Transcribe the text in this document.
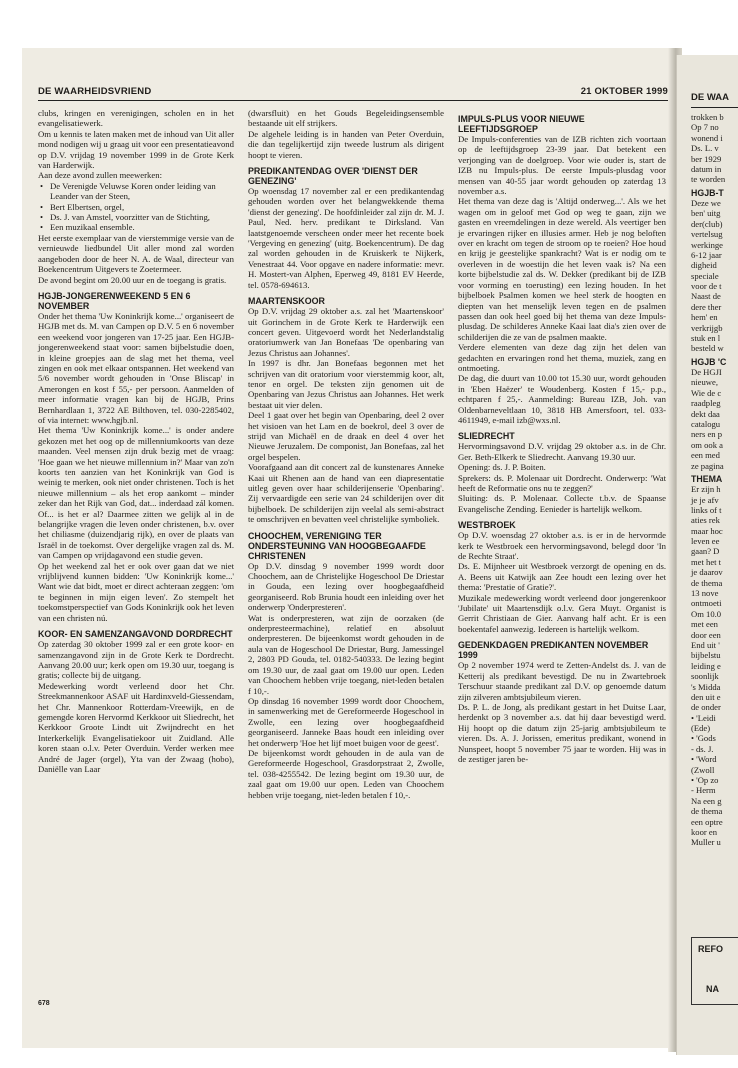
DE WAARHEIDSVRIEND	21 OKTOBER 1999

clubs, kringen en verenigingen, scholen en in het evangelisatiewerk.

Om u kennis te laten maken met de inhoud van Uit aller mond nodigen wij u graag uit voor een presentatieavond op D.V. vrijdag 19 november 1999 in de Grote Kerk van Harderwijk.

Aan deze avond zullen meewerken:

• De Verenigde Veluwse Koren onder leiding van Leander van der Steen,
• Bert Elbertsen, orgel,
• Ds. J. van Amstel, voorzitter van de Stichting,
• Een muzikaal ensemble.

Het eerste exemplaar van de vierstemmige versie van de vernieuwde liedbundel Uit aller mond zal worden aangeboden door de heer N. A. de Waal, directeur van Boekencentrum Uitgevers te Zoetermeer.

De avond begint om 20.00 uur en de toegang is gratis.

HGJB-JONGERENWEEKEND 5 EN 6 NOVEMBER

Onder het thema 'Uw Koninkrijk kome...' organiseert de HGJB met ds. M. van Campen op D.V. 5 en 6 november een weekend voor jongeren van 17-25 jaar. Een HGJB-jongerenweekend staat voor: samen bijbelstudie doen, in kleine groepjes aan de slag met het thema, veel zingen en ook met elkaar ontspannen. Het weekend van 5/6 november wordt gehouden in 'Onse Bliscap' in Amerongen en kost f 55,- per persoon. Aanmelden of meer informatie vragen kan bij de HGJB, Prins Bernhardlaan 1, 3722 AE Bilthoven, tel. 030-2285402, of via internet: www.hgjb.nl.

Het thema 'Uw Koninkrijk kome...' is onder andere gekozen met het oog op de millenniumkoorts van deze maanden. Veel mensen zijn druk bezig met de vraag: 'Hoe gaan we het nieuwe millennium in?' Maar van zo'n koorts ten aanzien van het Koninkrijk van God is weinig te merken, ook niet onder christenen. Toch is het nieuwe millennium – als het erop aankomt – minder zeker dan het Rijk van God, dat... inderdaad zál komen. Of... is het er al? Daarmee zitten we gelijk al in de belangrijke vragen die leven onder christenen, b.v. over het chiliasme (duizendjarig rijk), en over de plaats van Israël in de toekomst. Over dergelijke vragen zal ds. M. van Campen op vrijdagavond een studie geven.

Op het weekend zal het er ook over gaan dat we niet vrijblijvend kunnen bidden: 'Uw Koninkrijk kome...' Want wie dat bidt, moet er direct achteraan zeggen: 'om te beginnen in mijn eigen leven'. Zo stempelt het toekomstperspectief van Gods Koninkrijk ook het leven van een christen nú.

KOOR- EN SAMENZANGAVOND DORDRECHT

Op zaterdag 30 oktober 1999 zal er een grote koor- en samenzangavond zijn in de Grote Kerk te Dordrecht. Aanvang 20.00 uur; kerk open om 19.30 uur, toegang is gratis; collecte bij de uitgang.

Medewerking wordt verleend door het Chr. Streekmannenkoor ASAF uit Hardinxveld-Giessendam, het Chr. Mannenkoor Rotterdam-Vreewijk, en de gemengde koren Hervormd Kerkkoor uit Sliedrecht, het Kerkkoor Groote Lindt uit Zwijndrecht en het Interkerkelijk Evangelisatiekoor uit Zuidland. Alle koren staan o.l.v. Peter Overduin. Verder werken mee André de Jager (orgel), Yta van der Zwaag (hobo), Daniëlle van Laar

(dwarsfluit) en het Gouds Begeleidingsensemble bestaande uit elf strijkers.

De algehele leiding is in handen van Peter Overduin, die dan tegelijkertijd zijn tweede lustrum als dirigent hoopt te vieren.

PREDIKANTENDAG OVER 'DIENST DER GENEZING'

Op woensdag 17 november zal er een predikantendag gehouden worden over het belangwekkende thema 'dienst der genezing'. De hoofdinleider zal zijn dr. M. J. Paul, Ned. herv. predikant te Dirksland. Van laatstgenoemde verscheen onder meer het recente boek 'Vergeving en genezing' (uitg. Boekencentrum). De dag zal worden gehouden in de Kruiskerk te Nijkerk, Venestraat 44. Voor opgave en nadere informatie: mevr. H. Mostert-van Alphen, Eperweg 49, 8181 EV Heerde, tel. 0578-694613.

MAARTENSKOOR

Op D.V. vrijdag 29 oktober a.s. zal het 'Maartenskoor' uit Gorinchem in de Grote Kerk te Harderwijk een concert geven. Uitgevoerd wordt het Nederlandstalig oratoriumwerk van Jan Bonefaas 'De openbaring van Jezus Christus aan Johannes'.

In 1997 is dhr. Jan Bonefaas begonnen met het schrijven van dit oratorium voor vierstemmig koor, alt, tenor en orgel. De teksten zijn genomen uit de Openbaring van Jezus Christus aan Johannes. Het werk bestaat uit vier delen.

Deel 1 gaat over het begin van Openbaring, deel 2 over het visioen van het Lam en de boekrol, deel 3 over de strijd van Michaël en de draak en deel 4 over het Nieuwe Jeruzalem. De componist, Jan Bonefaas, zal het orgel bespelen.

Voorafgaand aan dit concert zal de kunstenares Anneke Kaai uit Rhenen aan de hand van een diapresentatie uitleg geven over haar schilderijenserie 'Openbaring'. Zij vervaardigde een serie van 24 schilderijen over dit bijbelboek. De schilderijen zijn veelal als semi-abstract te omschrijven en bevatten veel christelijke symboliek.

CHOOCHEM, VERENIGING TER ONDERSTEUNING VAN HOOGBEGAAFDE CHRISTENEN

Op D.V. dinsdag 9 november 1999 wordt door Choochem, aan de Christelijke Hogeschool De Driestar in Gouda, een lezing over hoogbegaafdheid georganiseerd. Rob Brunia houdt een inleiding over het onderwerp 'Onderpresteren'.

Wat is onderpresteren, wat zijn de oorzaken (de onderpresteermachine), relatief en absoluut onderpresteren. De bijeenkomst wordt gehouden in de aula van de Hogeschool De Driestar, Burg. Jamessingel 2, 2803 PD Gouda, tel. 0182-540333. De lezing begint om 19.30 uur, de zaal gaat om 19.00 uur open. Leden van Choochem hebben vrije toegang, niet-leden betalen f 10,-.

Op dinsdag 16 november 1999 wordt door Choochem, in samenwerking met de Gereformeerde Hogeschool in Zwolle, een lezing over hoogbegaafdheid georganiseerd. Janneke Baas houdt een inleiding over het onderwerp 'Hoe het lijf moet buigen voor de geest'.

De bijeenkomst wordt gehouden in de aula van de Gereformeerde Hogeschool, Grasdorpstraat 2, Zwolle, tel. 038-4255542. De lezing begint om 19.30 uur, de zaal gaat om 19.00 uur open. Leden van Choochem hebben vrije toegang, niet-leden betalen f 10,-.

IMPULS-PLUS VOOR NIEUWE LEEFTIJDSGROEP

De Impuls-conferenties van de IZB richten zich voortaan op de leeftijdsgroep 23-39 jaar. Dat betekent een verjonging van de doelgroep. Voor wie ouder is, start de IZB nu Impuls-plus. De eerste Impuls-plusdag voor mensen van 40-55 jaar wordt gehouden op zaterdag 13 november a.s.

Het thema van deze dag is 'Altijd onderweg...'. Als we het wagen om in geloof met God op weg te gaan, zijn we gasten en vreemdelingen in deze wereld. Als veertiger ben je ervaringen rijker en illusies armer. Heb je nog beloften over en kracht om tegen de stroom op te roeien? Hoe houd en krijg je geestelijke spankracht? Wat is er nodig om te overleven in de woestijn die het leven vaak is? Na een korte bijbelstudie zal ds. W. Dekker (predikant bij de IZB voor vorming en toerusting) een lezing houden. In het bijbelboek Psalmen komen we heel sterk de hoogten en diepten van het menselijk leven tegen en de psalmen passen dan ook heel goed bij het thema van deze Impuls-plusdag. De schilderes Anneke Kaai laat dia's zien over de schilderijen die ze van de psalmen maakte.

Verdere elementen van deze dag zijn het delen van gedachten en ervaringen rond het thema, muziek, zang en ontmoeting.

De dag, die duurt van 10.00 tot 15.30 uur, wordt gehouden in 'Eben Haëzer' te Woudenberg. Kosten f 15,- p.p., echtparen f 25,-. Aanmelding: Bureau IZB, Joh. van Oldenbarneveltlaan 10, 3818 HB Amersfoort, tel. 033-4611949, e-mail izb@wxs.nl.

SLIEDRECHT

Hervormingsavond D.V. vrijdag 29 oktober a.s. in de Chr. Ger. Beth-Elkerk te Sliedrecht. Aanvang 19.30 uur.

Opening: ds. J. P. Boiten.

Sprekers: ds. P. Molenaar uit Dordrecht. Onderwerp: 'Wat heeft de Reformatie ons nu te zeggen?'

Sluiting: ds. P. Molenaar. Collecte t.b.v. de Spaanse Evangelische Zending. Eenieder is hartelijk welkom.

WESTBROEK

Op D.V. woensdag 27 oktober a.s. is er in de hervormde kerk te Westbroek een hervormingsavond, belegd door 'In de Rechte Straat'.

Ds. E. Mijnheer uit Westbroek verzorgt de opening en ds. A. Beens uit Katwijk aan Zee houdt een lezing over het thema: 'Prestatie of Gratie?'.

Muzikale medewerking wordt verleend door jongerenkoor 'Jubilate' uit Maartensdijk o.l.v. Gera Muyt. Organist is Gerrit Christiaan de Gier. Aanvang half acht. Er is een boekentafel aanwezig. Iedereen is hartelijk welkom.

GEDENKDAGEN PREDIKANTEN NOVEMBER 1999

Op 2 november 1974 werd te Zetten-Andelst ds. J. van de Ketterij als predikant bevestigd. De nu in Zwartebroek Terschuur staande predikant zal D.V. op genoemde datum zijn zilveren ambtsjubileum vieren.

Ds. P. L. de Jong, als predikant gestart in het Duitse Laar, herdenkt op 3 november a.s. dat hij daar bevestigd werd. Hij hoopt op die datum zijn 25-jarig ambtsjubileum te vieren. Ds. A. J. Jorissen, emeritus predikant, wonend in Nunspeet, hoopt 5 november 75 jaar te worden. Hij was in de zestiger jaren be-

678
DE WAA
trokken b
Op 7 no
wonend i
Ds. L. v
ber 1929
datum in
te worden
HGJB-T
Deze we
ben' uitg
der(club)
vertelsug
werkinge
6-12 jaar
digheid
speciale
voor de t
Naast de
dere ther
hem' en
verkrijgb
stuk en l
besteld w
HGJB 'C
De HGJI
nieuwe,
Wie de c
raadpleg
dekt daa
catalogu
ners en p
om ook a
een med
ze pagina
THEMA
Er zijn h
je je afv
links of t
aties rek
maar hoc
leven ee
gaan? D
met het t
je daarov
de thema
13 nove
ontmoeti
Om 10.0
met een
door een
End uit '
bijbelstu
leiding e
soonlijk
's Midda
den uit e
de onder
• 'Leidi
(Ede)
• 'Gods
- ds. J.
• 'Word
(Zwoll
• 'Op zo
- Herm
Na een g
de thema
een optre
koor en
Muller u
REFO
NA
